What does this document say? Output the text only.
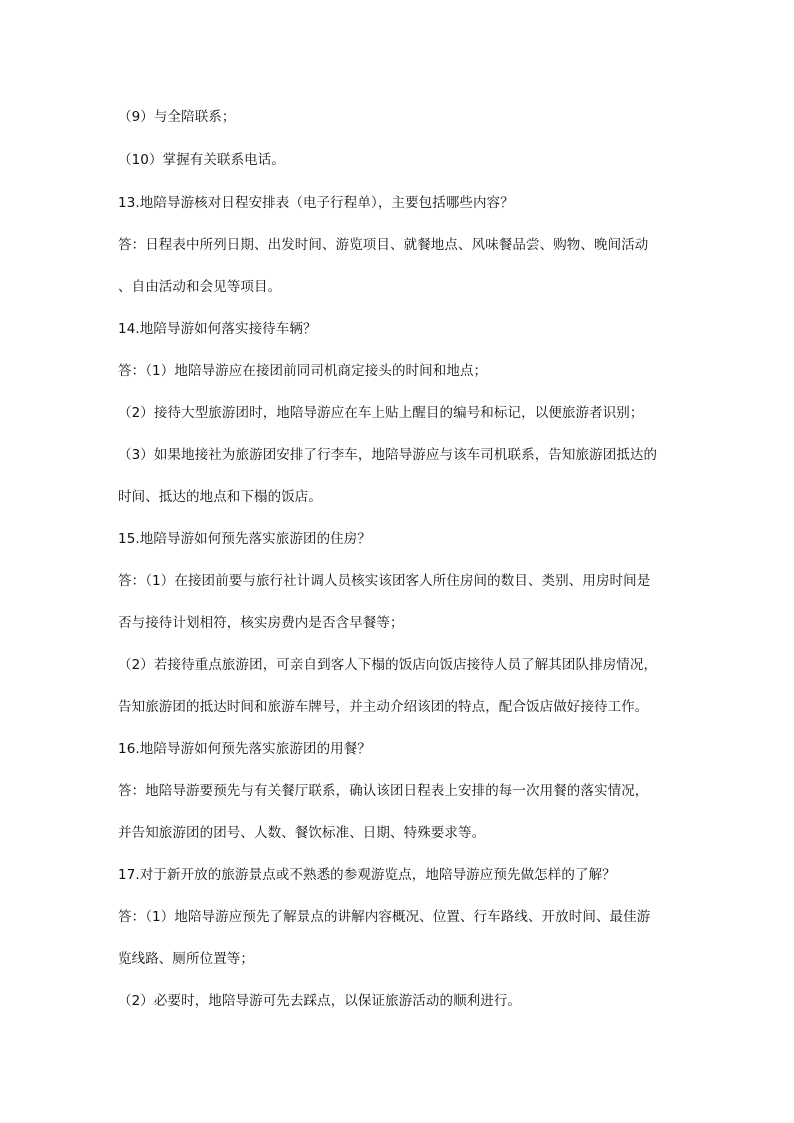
（9）与全陪联系；
（10）掌握有关联系电话。
13.地陪导游核对日程安排表（电子行程单），主要包括哪些内容？
答：日程表中所列日期、出发时间、游览项目、就餐地点、风味餐品尝、购物、晚间活动
、自由活动和会见等项目。
14.地陪导游如何落实接待车辆？
答：（1）地陪导游应在接团前同司机商定接头的时间和地点；
（2）接待大型旅游团时，地陪导游应在车上贴上醒目的编号和标记，以便旅游者识别；
（3）如果地接社为旅游团安排了行李车，地陪导游应与该车司机联系，告知旅游团抵达的
时间、抵达的地点和下榻的饭店。
15.地陪导游如何预先落实旅游团的住房？
答：（1）在接团前要与旅行社计调人员核实该团客人所住房间的数目、类别、用房时间是
否与接待计划相符，核实房费内是否含早餐等；
（2）若接待重点旅游团，可亲自到客人下榻的饭店向饭店接待人员了解其团队排房情况，
告知旅游团的抵达时间和旅游车牌号，并主动介绍该团的特点，配合饭店做好接待工作。
16.地陪导游如何预先落实旅游团的用餐？
答：地陪导游要预先与有关餐厅联系，确认该团日程表上安排的每一次用餐的落实情况，
并告知旅游团的团号、人数、餐饮标准、日期、特殊要求等。
17.对于新开放的旅游景点或不熟悉的参观游览点，地陪导游应预先做怎样的了解？
答：（1）地陪导游应预先了解景点的讲解内容概况、位置、行车路线、开放时间、最佳游
览线路、厕所位置等；
（2）必要时，地陪导游可先去踩点，以保证旅游活动的顺利进行。
